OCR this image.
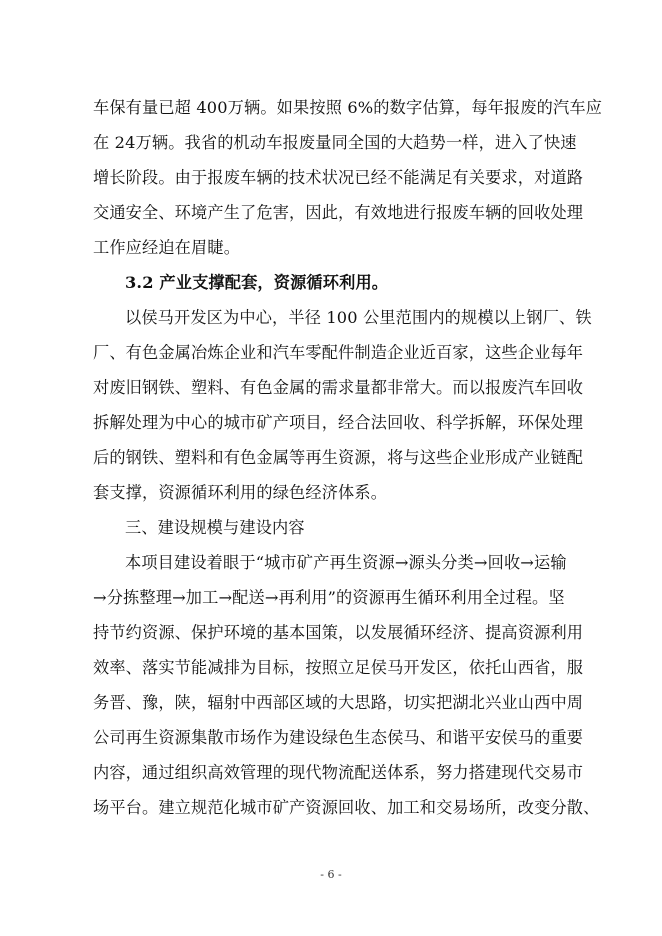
车保有量已超 400万辆。如果按照 6%的数字估算，每年报废的汽车应
在 24万辆。我省的机动车报废量同全国的大趋势一样，进入了快速
增长阶段。由于报废车辆的技术状况已经不能满足有关要求，对道路
交通安全、环境产生了危害，因此，有效地进行报废车辆的回收处理
工作应经迫在眉睫。
3.2 产业支撑配套，资源循环利用。
以侯马开发区为中心，半径 100 公里范围内的规模以上钢厂、铁
厂、有色金属冶炼企业和汽车零配件制造企业近百家，这些企业每年
对废旧钢铁、塑料、有色金属的需求量都非常大。而以报废汽车回收
拆解处理为中心的城市矿产项目，经合法回收、科学拆解，环保处理
后的钢铁、塑料和有色金属等再生资源，将与这些企业形成产业链配
套支撑，资源循环利用的绿色经济体系。
三、建设规模与建设内容
本项目建设着眼于“城市矿产再生资源→源头分类→回收→运输
→分拣整理→加工→配送→再利用”的资源再生循环利用全过程。坚
持节约资源、保护环境的基本国策，以发展循环经济、提高资源利用
效率、落实节能减排为目标，按照立足侯马开发区，依托山西省，服
务晋、豫，陕，辐射中西部区域的大思路，切实把湖北兴业山西中周
公司再生资源集散市场作为建设绿色生态侯马、和谐平安侯马的重要
内容，通过组织高效管理的现代物流配送体系，努力搭建现代交易市
场平台。建立规范化城市矿产资源回收、加工和交易场所，改变分散、
- 6 -
